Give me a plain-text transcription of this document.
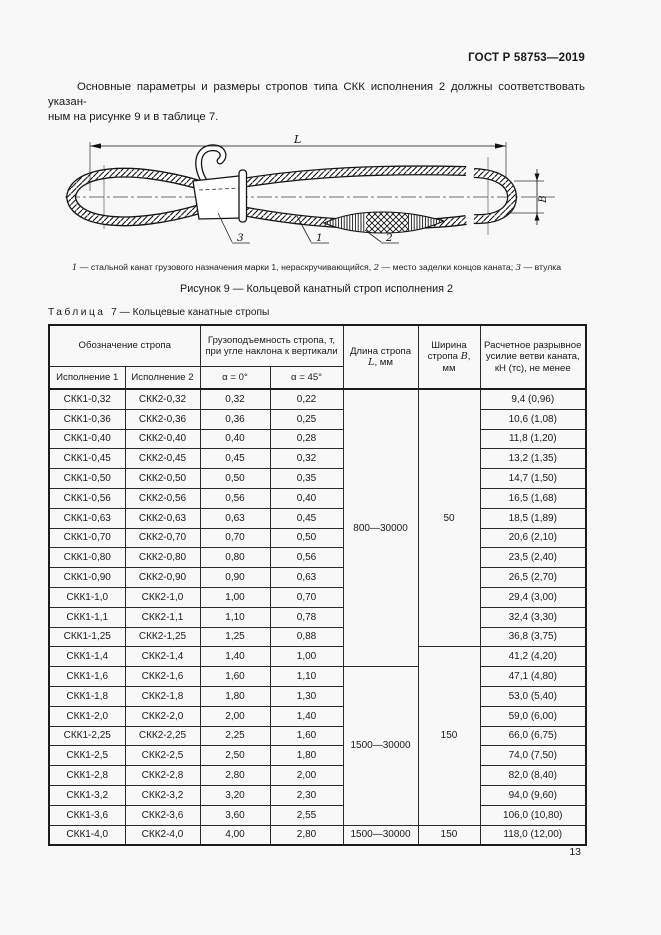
ГОСТ Р 58753—2019
Основные параметры и размеры стропов типа СКК исполнения 2 должны соответствовать указан-
ным на рисунке 9 и в таблице 7.
L
B
3	1	2
1 — стальной канат грузового назначения марки 1, нераскручивающийся, 2 — место заделки концов каната; 3 — втулка
Рисунок 9 — Кольцевой канатный строп исполнения 2
Таблица 7 — Кольцевые канатные стропы
Обозначение стропа		Грузоподъемность стропа, т, при угле наклона к вертикали		Длина стропа L, мм	Ширина стропа B, мм	Расчетное разрывное усилие ветви каната, кН (тс), не менее
Исполнение 1	Исполнение 2	α = 0°	α = 45°			
СКК1-0,32	СКК2-0,32	0,32	0,22	800—30000	50	9,4 (0,96)
СКК1-0,36	СКК2-0,36	0,36	0,25			10,6 (1,08)
СКК1-0,40	СКК2-0,40	0,40	0,28			11,8 (1,20)
СКК1-0,45	СКК2-0,45	0,45	0,32			13,2 (1,35)
СКК1-0,50	СКК2-0,50	0,50	0,35			14,7 (1,50)
СКК1-0,56	СКК2-0,56	0,56	0,40			16,5 (1,68)
СКК1-0,63	СКК2-0,63	0,63	0,45			18,5 (1,89)
СКК1-0,70	СКК2-0,70	0,70	0,50			20,6 (2,10)
СКК1-0,80	СКК2-0,80	0,80	0,56			23,5 (2,40)
СКК1-0,90	СКК2-0,90	0,90	0,63			26,5 (2,70)
СКК1-1,0	СКК2-1,0	1,00	0,70			29,4 (3,00)
СКК1-1,1	СКК2-1,1	1,10	0,78			32,4 (3,30)
СКК1-1,25	СКК2-1,25	1,25	0,88			36,8 (3,75)
СКК1-1,4	СКК2-1,4	1,40	1,00		150	41,2 (4,20)
СКК1-1,6	СКК2-1,6	1,60	1,10	1500—30000		47,1 (4,80)
СКК1-1,8	СКК2-1,8	1,80	1,30			53,0 (5,40)
СКК1-2,0	СКК2-2,0	2,00	1,40			59,0 (6,00)
СКК1-2,25	СКК2-2,25	2,25	1,60			66,0 (6,75)
СКК1-2,5	СКК2-2,5	2,50	1,80			74,0 (7,50)
СКК1-2,8	СКК2-2,8	2,80	2,00			82,0 (8,40)
СКК1-3,2	СКК2-3,2	3,20	2,30			94,0 (9,60)
СКК1-3,6	СКК2-3,6	3,60	2,55			106,0 (10,80)
СКК1-4,0	СКК2-4,0	4,00	2,80	1500—30000	150	118,0 (12,00)
13
